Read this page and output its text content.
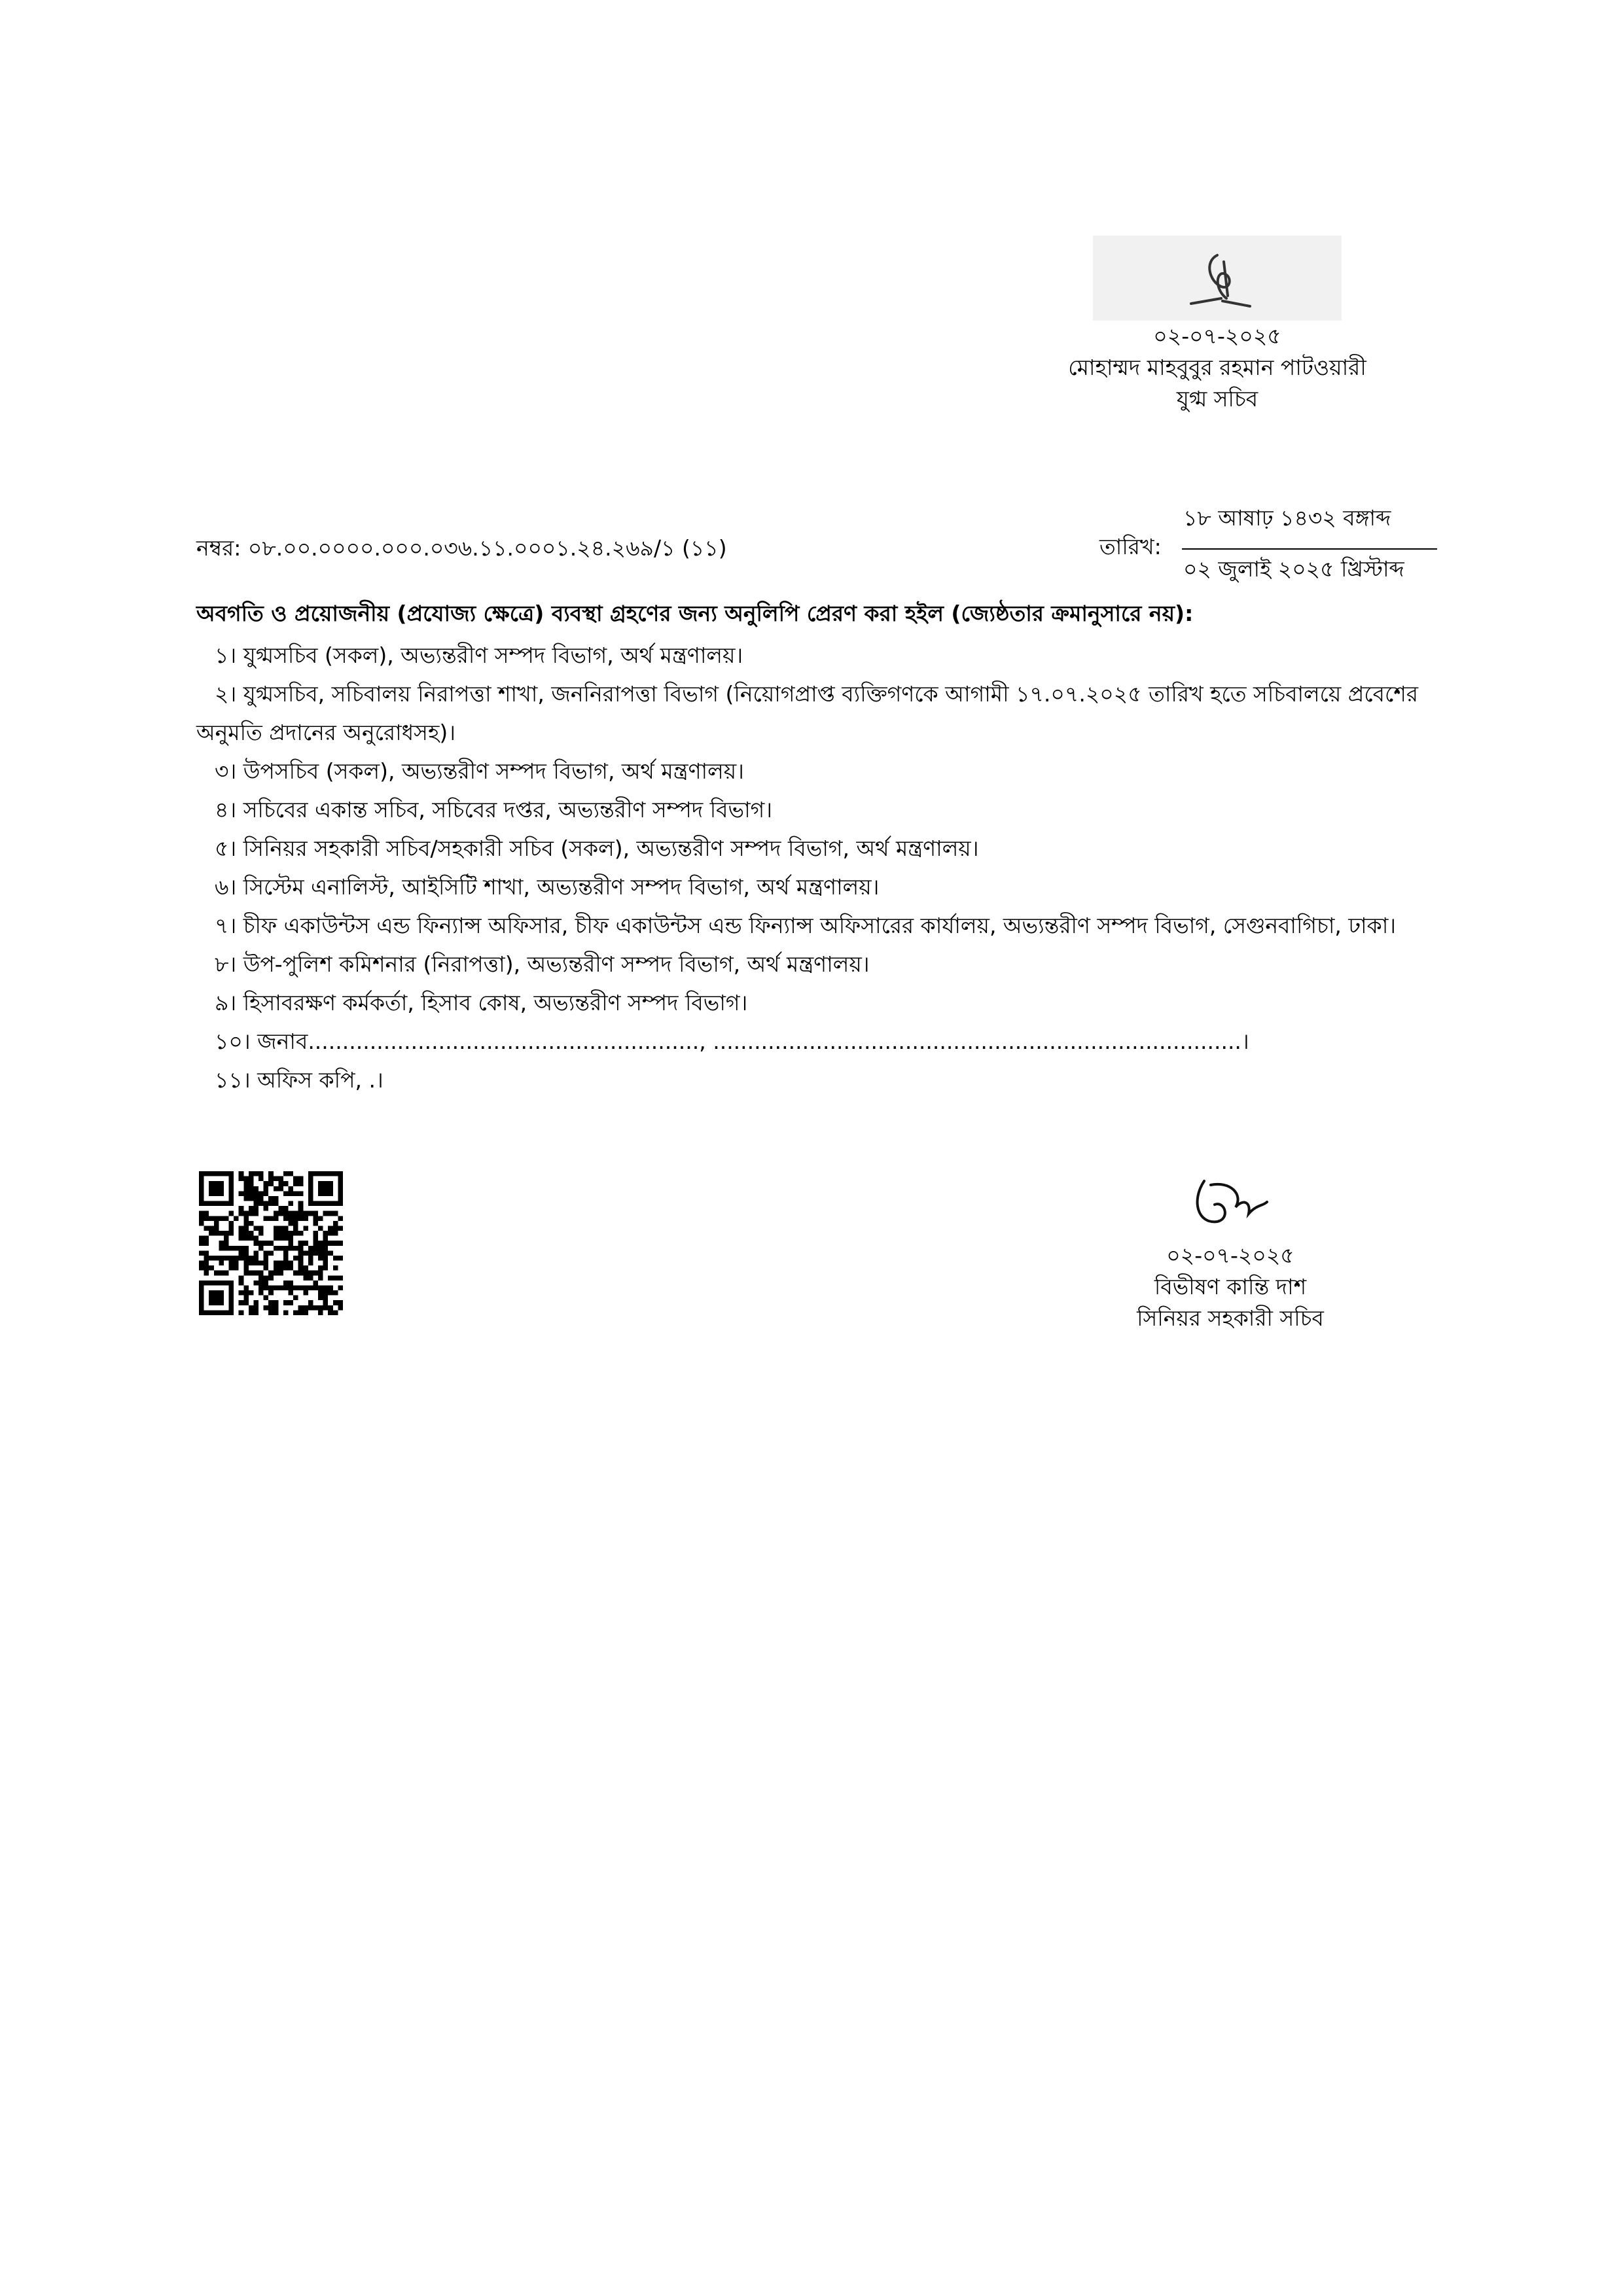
০২-০৭-২০২৫
মোহাম্মদ মাহবুবুর রহমান পাটওয়ারী
যুগ্ম সচিব
নম্বর: ০৮.০০.০০০০.০০০.০৩৬.১১.০০০১.২৪.২৬৯/১ (১১)	তারিখ:
১৮ আষাঢ় ১৪৩২ বঙ্গাব্দ
০২ জুলাই ২০২৫ খ্রিস্টাব্দ
অবগতি ও প্রয়োজনীয় (প্রযোজ্য ক্ষেত্রে) ব্যবস্থা গ্রহণের জন্য অনুলিপি প্রেরণ করা হইল (জ্যেষ্ঠতার ক্রমানুসারে নয়):
১। যুগ্মসচিব (সকল), অভ্যন্তরীণ সম্পদ বিভাগ, অর্থ মন্ত্রণালয়।
২। যুগ্মসচিব, সচিবালয় নিরাপত্তা শাখা, জননিরাপত্তা বিভাগ (নিয়োগপ্রাপ্ত ব্যক্তিগণকে আগামী ১৭.০৭.২০২৫ তারিখ হতে সচিবালয়ে প্রবেশের অনুমতি প্রদানের অনুরোধসহ)।
৩। উপসচিব (সকল), অভ্যন্তরীণ সম্পদ বিভাগ, অর্থ মন্ত্রণালয়।
৪। সচিবের একান্ত সচিব, সচিবের দপ্তর, অভ্যন্তরীণ সম্পদ বিভাগ।
৫। সিনিয়র সহকারী সচিব/সহকারী সচিব (সকল), অভ্যন্তরীণ সম্পদ বিভাগ, অর্থ মন্ত্রণালয়।
৬। সিস্টেম এনালিস্ট, আইসিটি শাখা, অভ্যন্তরীণ সম্পদ বিভাগ, অর্থ মন্ত্রণালয়।
৭। চীফ একাউন্টস এন্ড ফিন্যান্স অফিসার, চীফ একাউন্টস এন্ড ফিন্যান্স অফিসারের কার্যালয়, অভ্যন্তরীণ সম্পদ বিভাগ, সেগুনবাগিচা, ঢাকা।
৮। উপ-পুলিশ কমিশনার (নিরাপত্তা), অভ্যন্তরীণ সম্পদ বিভাগ, অর্থ মন্ত্রণালয়।
৯। হিসাবরক্ষণ কর্মকর্তা, হিসাব কোষ, অভ্যন্তরীণ সম্পদ বিভাগ।
১০। জনাব........................................................., .............................................................................।
১১। অফিস কপি, .।
০২-০৭-২০২৫
বিভীষণ কান্তি দাশ
সিনিয়র সহকারী সচিব
